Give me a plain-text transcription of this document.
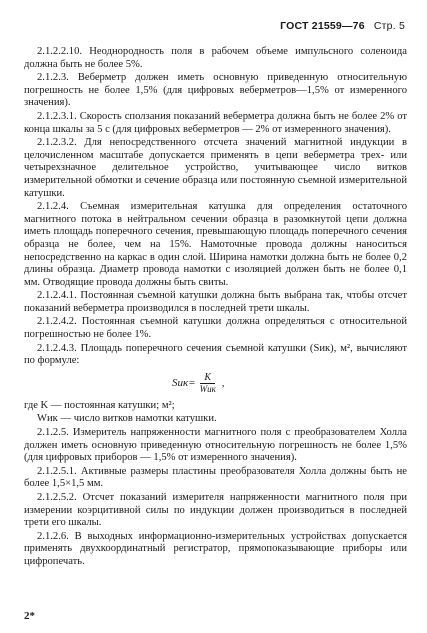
ГОСТ 21559—76 Стр. 5

2.1.2.2.10. Неоднородность поля в рабочем объеме импульсного соленоида должна быть не более 5%.

2.1.2.3. Веберметр должен иметь основную приведенную относительную погрешность не более 1,5% (для цифровых веберметров—1,5% от измеренного значения).

2.1.2.3.1. Скорость сползания показаний веберметра должна быть не более 2% от конца шкалы за 5 с (для цифровых веберметров — 2% от измеренного значения).

2.1.2.3.2. Для непосредственного отсчета значений магнитной индукции в целочисленном масштабе допускается применять в цепи веберметра трех- или четырехзначное делительное устройство, учитывающее число витков измерительной обмотки и сечение образца или постоянную съемной измерительной катушки.

2.1.2.4. Съемная измерительная катушка для определения остаточного магнитного потока в нейтральном сечении образца в разомкнутой цепи должна иметь площадь поперечного сечения, превышающую площадь поперечного сечения образца не более, чем на 15%. Намоточные провода должны наноситься непосредственно на каркас в один слой. Ширина намотки должна быть не более 0,2 длины образца. Диаметр провода намотки с изоляцией должен быть не более 0,1 мм. Отводящие провода должны быть свиты.

2.1.2.4.1. Постоянная съемной катушки должна быть выбрана так, чтобы отсчет показаний веберметра производился в последней трети шкалы.

2.1.2.4.2. Постоянная съемной катушки должна определяться с относительной погрешностью не более 1%.

2.1.2.4.3. Площадь поперечного сечения съемной катушки (Sик), м², вычисляют по формуле:

$Sик= \frac{K}{\text{Wик}}$ ,

где K — постоянная катушки; м²;

Wик — число витков намотки катушки.

2.1.2.5. Измеритель напряженности магнитного поля с преобразователем Холла должен иметь основную приведенную относительную погрешность не более 1,5% (для цифровых приборов — 1,5% от измеренного значения).

2.1.2.5.1. Активные размеры пластины преобразователя Холла должны быть не более 1,5×1,5 мм.

2.1.2.5.2. Отсчет показаний измерителя напряженности магнитного поля при измерении коэрцитивной силы по индукции должен производиться в последней трети его шкалы.

2.1.2.6. В выходных информационно-измерительных устройствах допускается применять двухкоординатный регистратор, прямопоказывающие приборы или цифропечать.

2*
